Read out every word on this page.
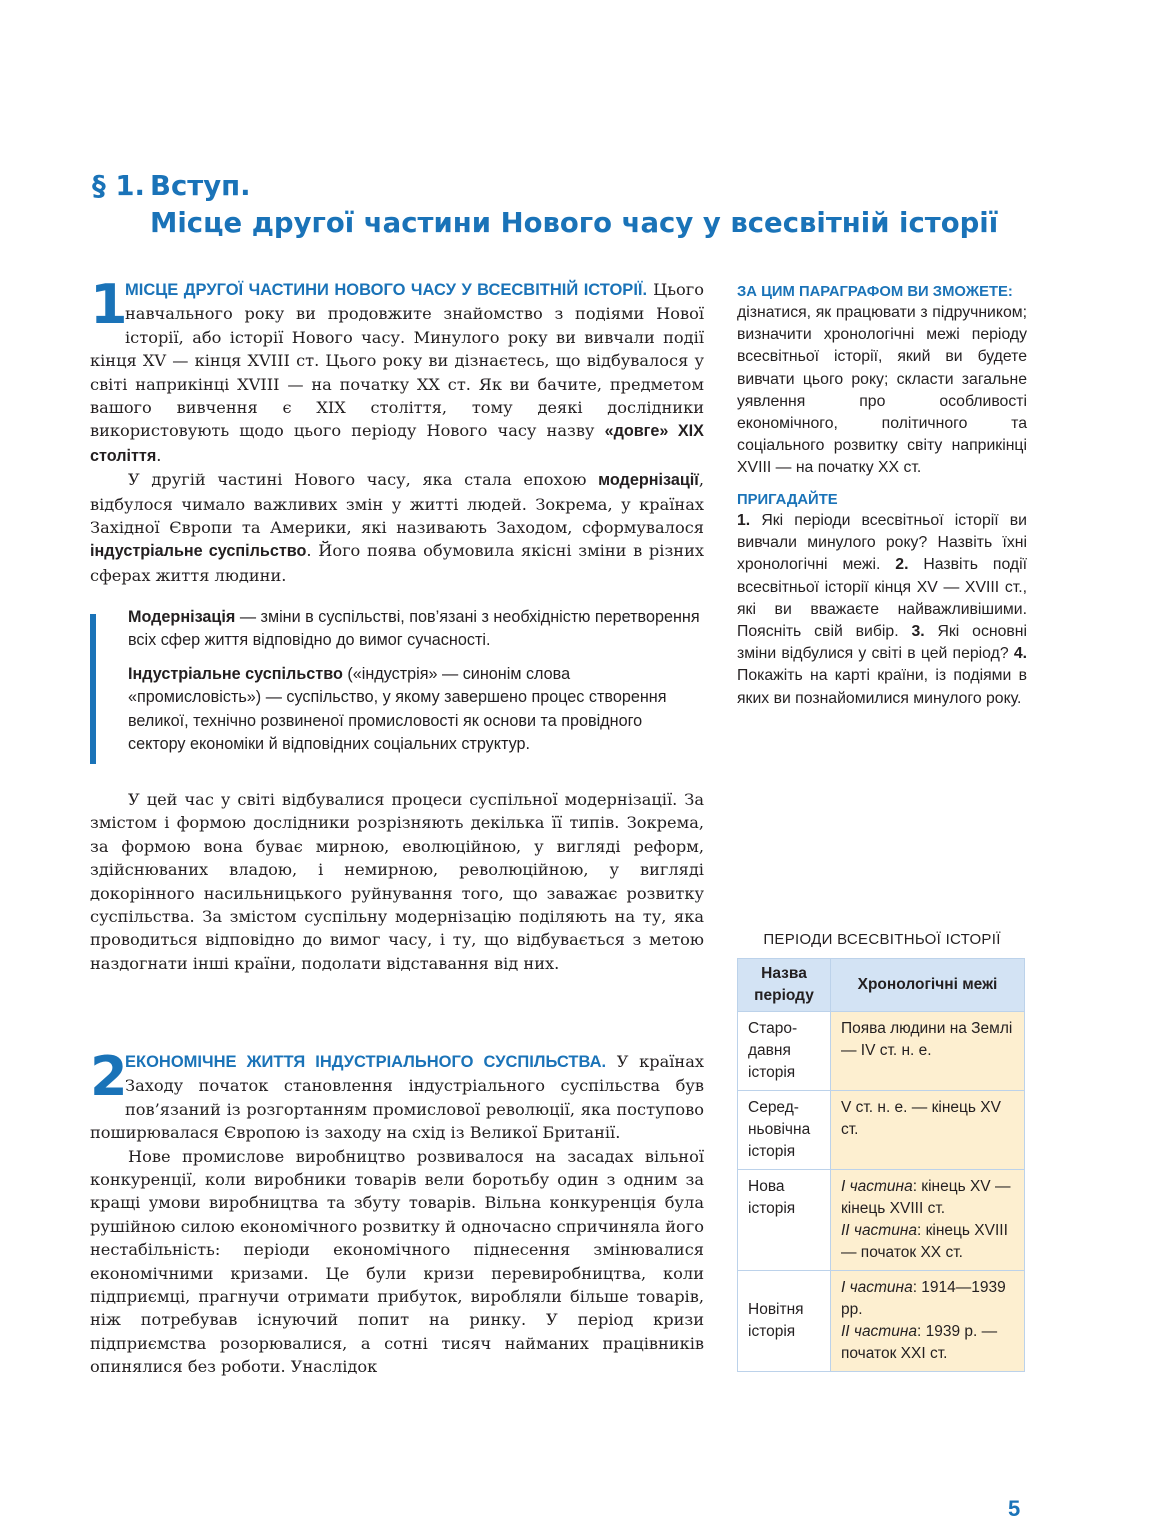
§ 1. Вступ.
Місце другої частини Нового часу у всесвітній історії

1
МІСЦЕ ДРУГОЇ ЧАСТИНИ НОВОГО ЧАСУ У ВСЕСВІТНІЙ ІСТОРІЇ. Цього навчального року ви продовжите знайомство з подіями Нової історії, або історії Нового часу. Минулого року ви вивчали події кінця XV — кінця XVIII ст. Цього року ви дізнаєтесь, що відбувалося у світі наприкінці XVIII — на початку XX ст. Як ви бачите, предметом вашого вивчення є XIX століття, тому деякі дослідники використовують щодо цього періоду Нового часу назву «довге» XIX століття.

У другій частині Нового часу, яка стала епохою модернізації, відбулося чимало важливих змін у житті людей. Зокрема, у країнах Західної Європи та Америки, які називають Заходом, сформувалося індустріальне суспільство. Його поява обумовила якісні зміни в різних сферах життя людини.

Модернізація — зміни в суспільстві, пов’язані з необхідністю перетворення всіх сфер життя відповідно до вимог сучасності.

Індустріальне суспільство («індустрія» — синонім слова «промисловість») — суспільство, у якому завершено процес створення великої, технічно розвиненої промисловості як основи та провідного сектору економіки й відповідних соціальних структур.

У цей час у світі відбувалися процеси суспільної модернізації. За змістом і формою дослідники розрізняють декілька її типів. Зокрема, за формою вона буває мирною, еволюційною, у вигляді реформ, здійснюваних владою, і немирною, революційною, у вигляді докорінного насильницького руйнування того, що заважає розвитку суспільства. За змістом суспільну модернізацію поділяють на ту, яка проводиться відповідно до вимог часу, і ту, що відбувається з метою наздогнати інші країни, подолати відставання від них.

2
ЕКОНОМІЧНЕ ЖИТТЯ ІНДУСТРІАЛЬНОГО СУСПІЛЬСТВА. У країнах Заходу початок становлення індустріального суспільства був пов’язаний із розгортанням промислової революції, яка поступово поширювалася Європою із заходу на схід із Великої Британії.

Нове промислове виробництво розвивалося на засадах вільної конкуренції, коли виробники товарів вели боротьбу один з одним за кращі умови виробництва та збуту товарів. Вільна конкуренція була рушійною силою економічного розвитку й одночасно спричиняла його нестабільність: періоди економічного піднесення змінювалися економічними кризами. Це були кризи перевиробництва, коли підприємці, прагнучи отримати прибуток, виробляли більше товарів, ніж потребував існуючий попит на ринку. У період кризи підприємства розорювалися, а сотні тисяч найманих працівників опинялися без роботи. Унаслідок

ЗА ЦИМ ПАРАГРАФОМ ВИ ЗМОЖЕТЕ:

дізнатися, як працювати з підручником; визначити хронологічні межі періоду всесвітньої історії, який ви будете вивчати цього року; скласти загальне уявлення про особливості економічного, політичного та соціального розвитку світу наприкінці XVIII — на початку XX ст.

ПРИГАДАЙТЕ

1. Які періоди всесвітньої історії ви вивчали минулого року? Назвіть їхні хронологічні межі. 2. Назвіть події всесвітньої історії кінця XV — XVIII ст., які ви вважаєте найважливішими. Поясніть свій вибір. 3. Які основні зміни відбулися у світі в цей період? 4. Покажіть на карті країни, із подіями в яких ви познайомилися минулого року.

ПЕРІОДИ ВСЕСВІТНЬОЇ ІСТОРІЇ
Назва періоду	Хронологічні межі
Старо-давня історія	Поява людини на Землі — IV ст. н. е.
Серед-ньовічна історія	V ст. н. е. — кінець XV ст.
Нова історія	I частина: кінець XV — кінець XVIII ст.
II частина: кінець XVIII — початок XX ст.
Новітня історія	I частина: 1914—1939 рр.
II частина: 1939 р. — початок XXI ст.
5
